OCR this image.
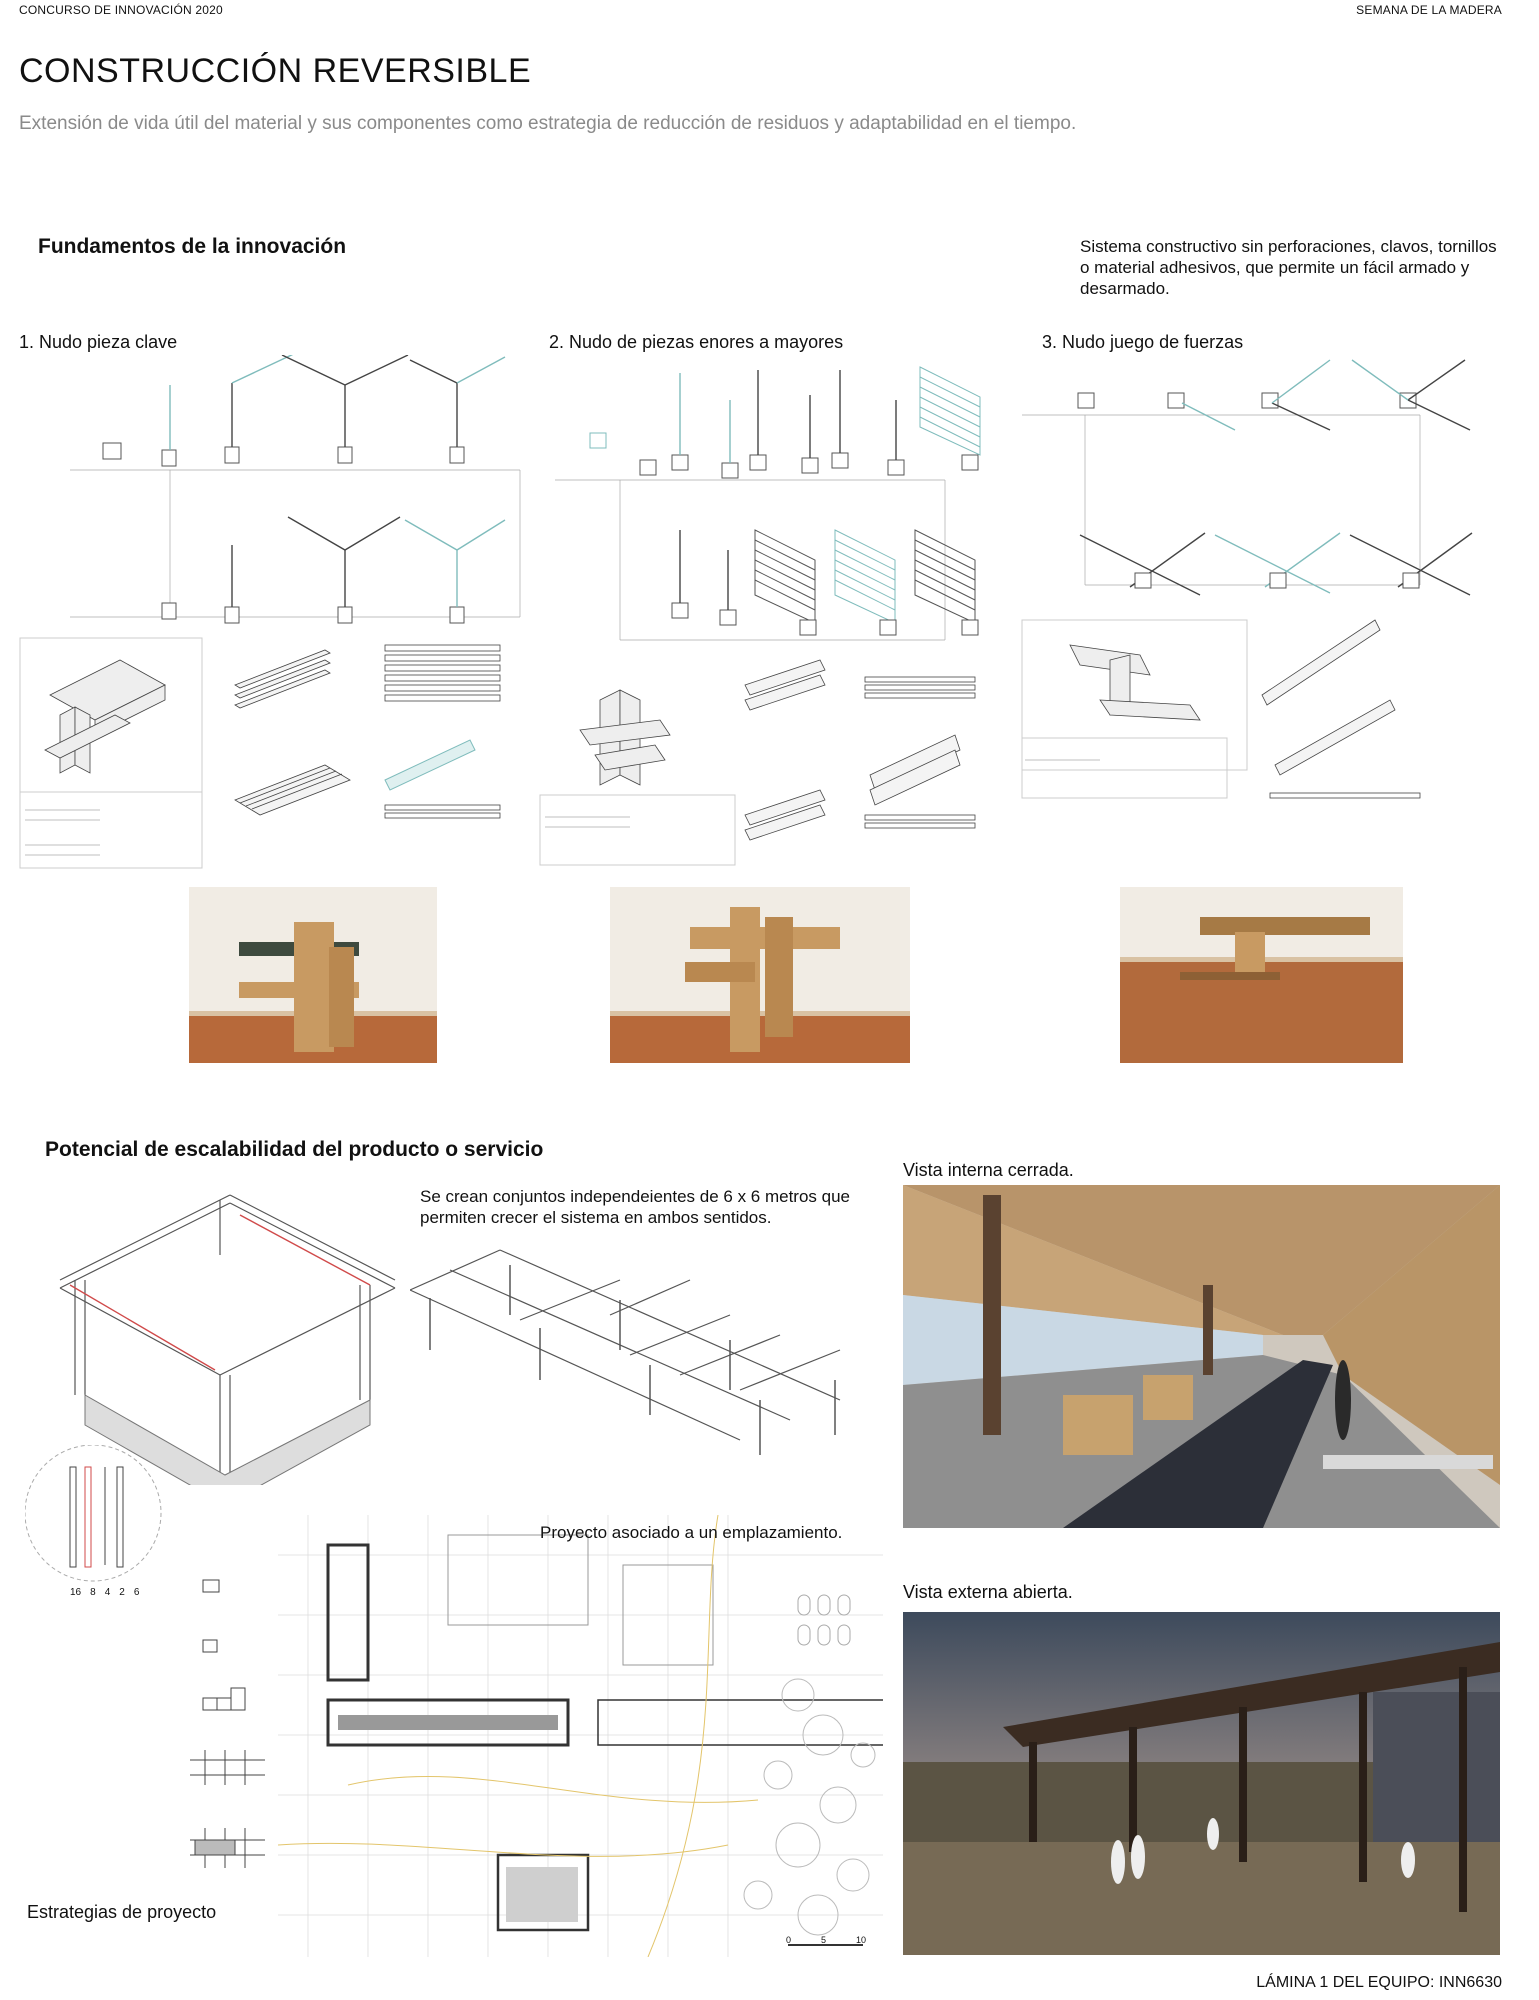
CONCURSO DE INNOVACIÓN 2020	SEMANA DE LA MADERA
CONSTRUCCIÓN REVERSIBLE
Extensión de vida útil del material y sus componentes como estrategia de reducción de residuos y adaptabilidad en el tiempo.
Fundamentos de la innovación	Sistema constructivo sin perforaciones, clavos, tornillos o material adhesivos, que permite un fácil armado y desarmado.
1. Nudo pieza clave	2. Nudo de piezas enores a mayores	3. Nudo juego de fuerzas
Potencial de escalabilidad del producto o servicio
Se crean conjuntos independeientes de 6 x 6 metros que permiten crecer el sistema en ambos sentidos.
16 8 4 2 6
Estrategias de proyecto
Proyecto asociado a un emplazamiento.
0	5	10
Vista interna cerrada.
Vista externa abierta.
LÁMINA 1 DEL EQUIPO: INN6630
